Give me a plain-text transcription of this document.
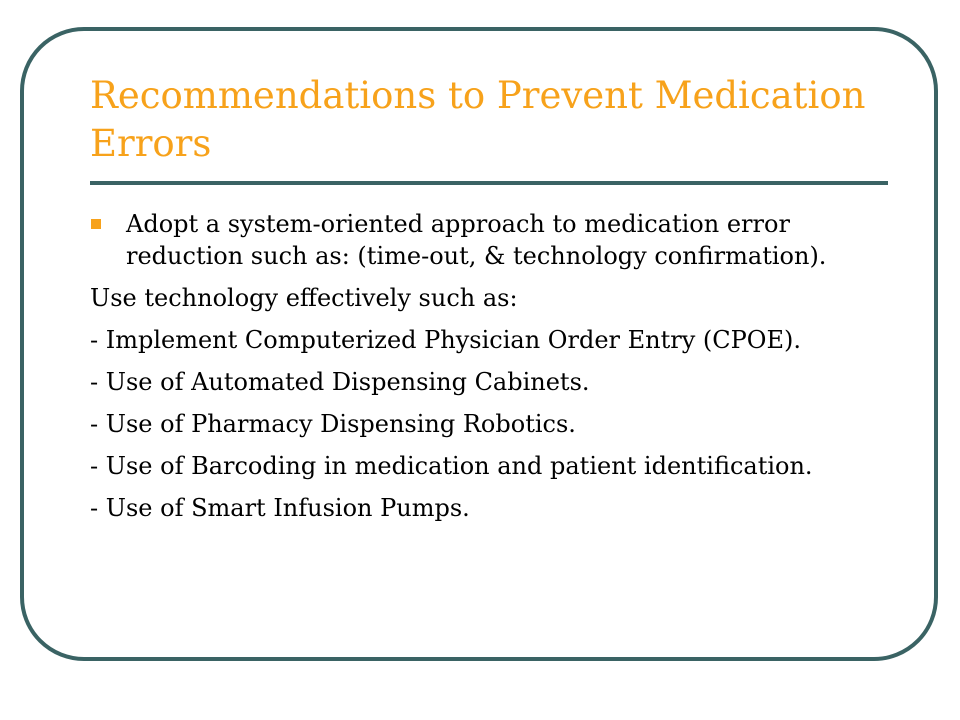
Recommendations to Prevent Medication Errors
Adopt a system-oriented approach to medication error reduction such as: (time-out, & technology confirmation).
Use technology effectively such as:
- Implement Computerized Physician Order Entry (CPOE).
- Use of Automated Dispensing Cabinets.
- Use of Pharmacy Dispensing Robotics.
- Use of Barcoding in medication and patient identification.
- Use of Smart Infusion Pumps.
